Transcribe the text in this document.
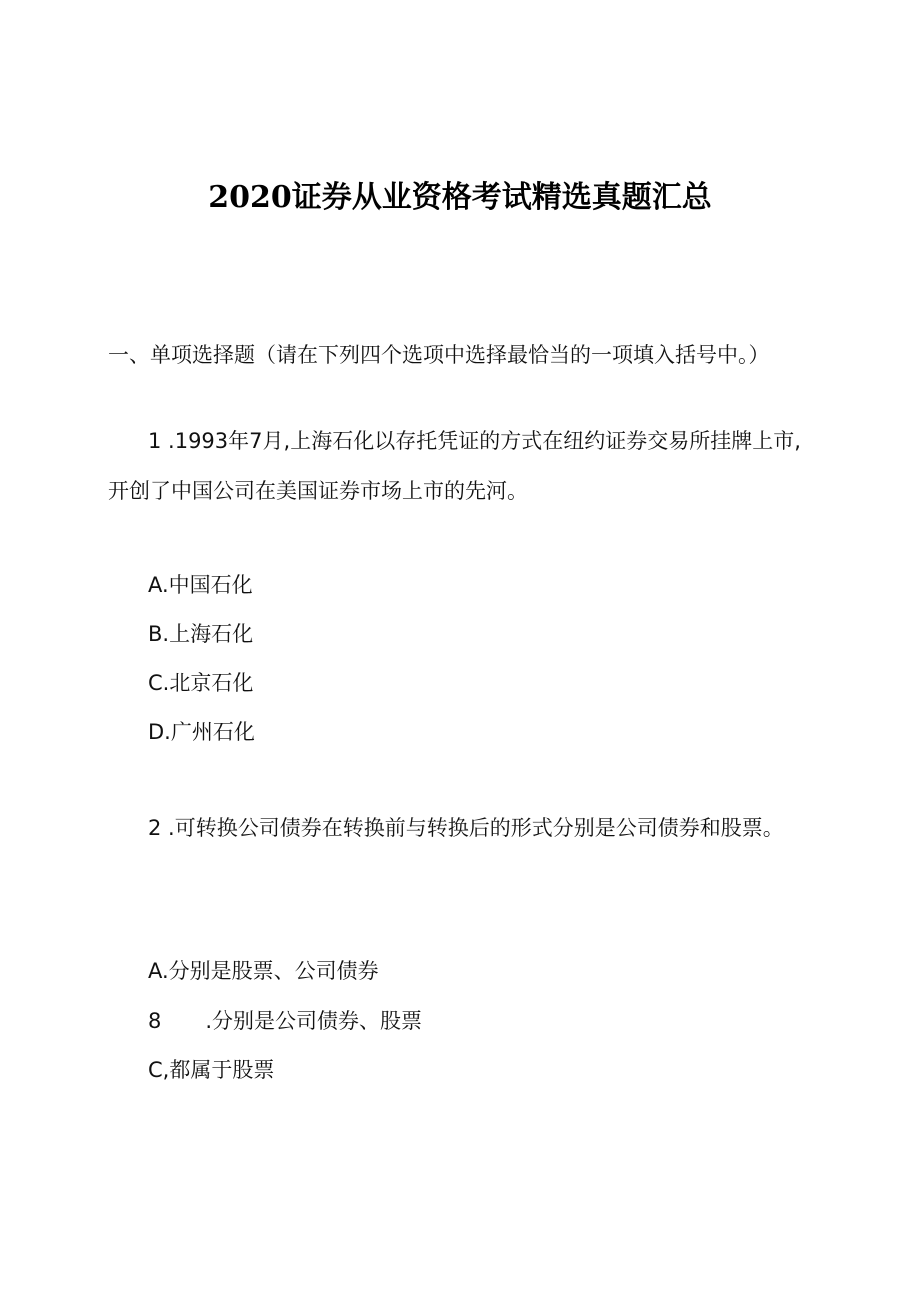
2020证券从业资格考试精选真题汇总
一、单项选择题（请在下列四个选项中选择最恰当的一项填入括号中。）
1 .1993年7月,上海石化以存托凭证的方式在纽约证券交易所挂牌上市,开创了中国公司在美国证券市场上市的先河。
A.中国石化
B.上海石化
C.北京石化
D.广州石化
2 .可转换公司债券在转换前与转换后的形式分别是公司债券和股票。
A.分别是股票、公司债券
8 .分别是公司债券、股票
C,都属于股票
